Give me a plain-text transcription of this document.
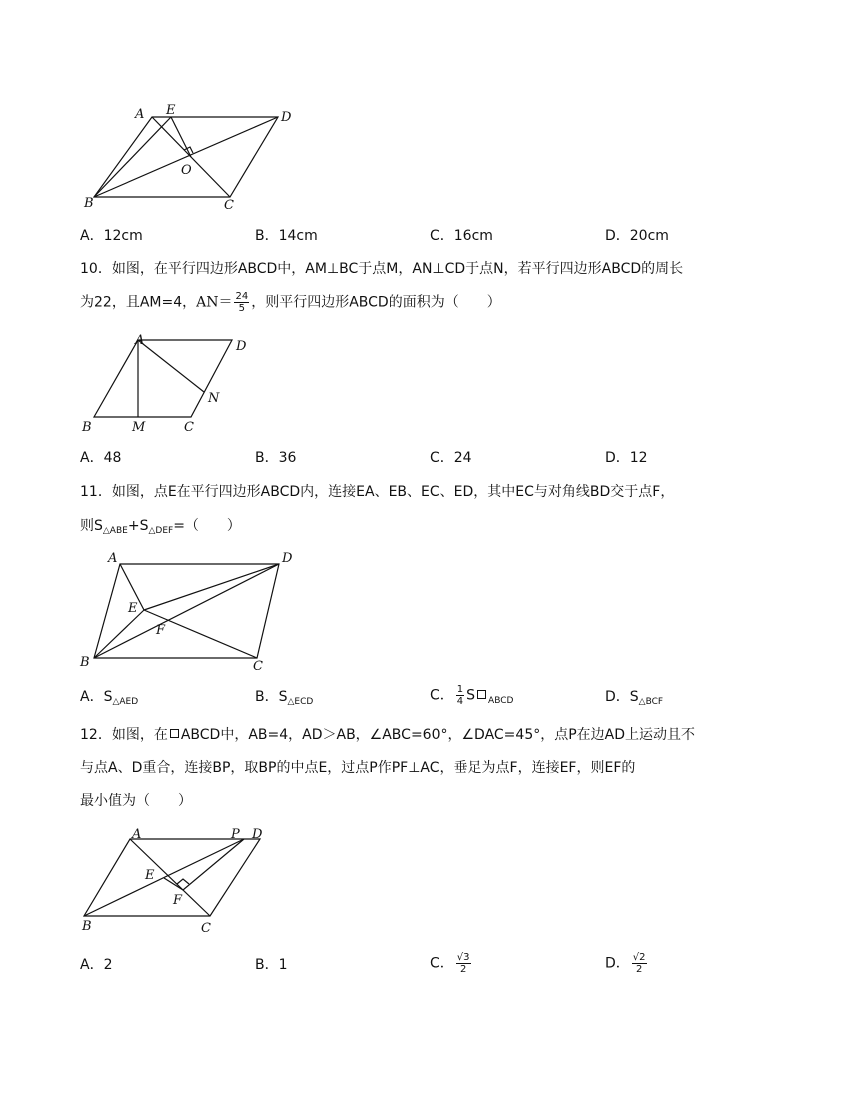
A E	D
O
B	C
A．12cm	B．14cm	C．16cm	D．20cm
10．如图，在平行四边形ABCD中，AM⊥BC于点M，AN⊥CD于点N，若平行四边形ABCD的周长
为22，且AM=4，$AN= \frac{24}{5}$ ，则平行四边形ABCD的面积为（　　）
A	D
N
B	M	C
A．48	B．36	C．24	D．12
11．如图，点E在平行四边形ABCD内，连接EA、EB、EC、ED，其中EC与对角线BD交于点F，
则$S_{\triangle ABE}+S_{\triangle DEF}=$（　　）
A	D
E
F
B	C
A．$S_{\triangle AED}$	B．$S_{\triangle ECD}$	C． $\frac{1}{4}$ S $_{ABCD}$	D．$S_{\triangle BCF}$
12．如图，在 ABCD中，AB=4，AD＞AB，∠ABC=60°，∠DAC=45°，点P在边AD上运动且不
与点A、D重合，连接BP，取BP的中点E，过点P作PF⊥AC，垂足为点F，连接EF，则EF的
最小值为（　　）
A	P D
E
F
B	C
A．2	B．1	C． $\frac{√3}{2}$	D． $\frac{√2}{2}$
